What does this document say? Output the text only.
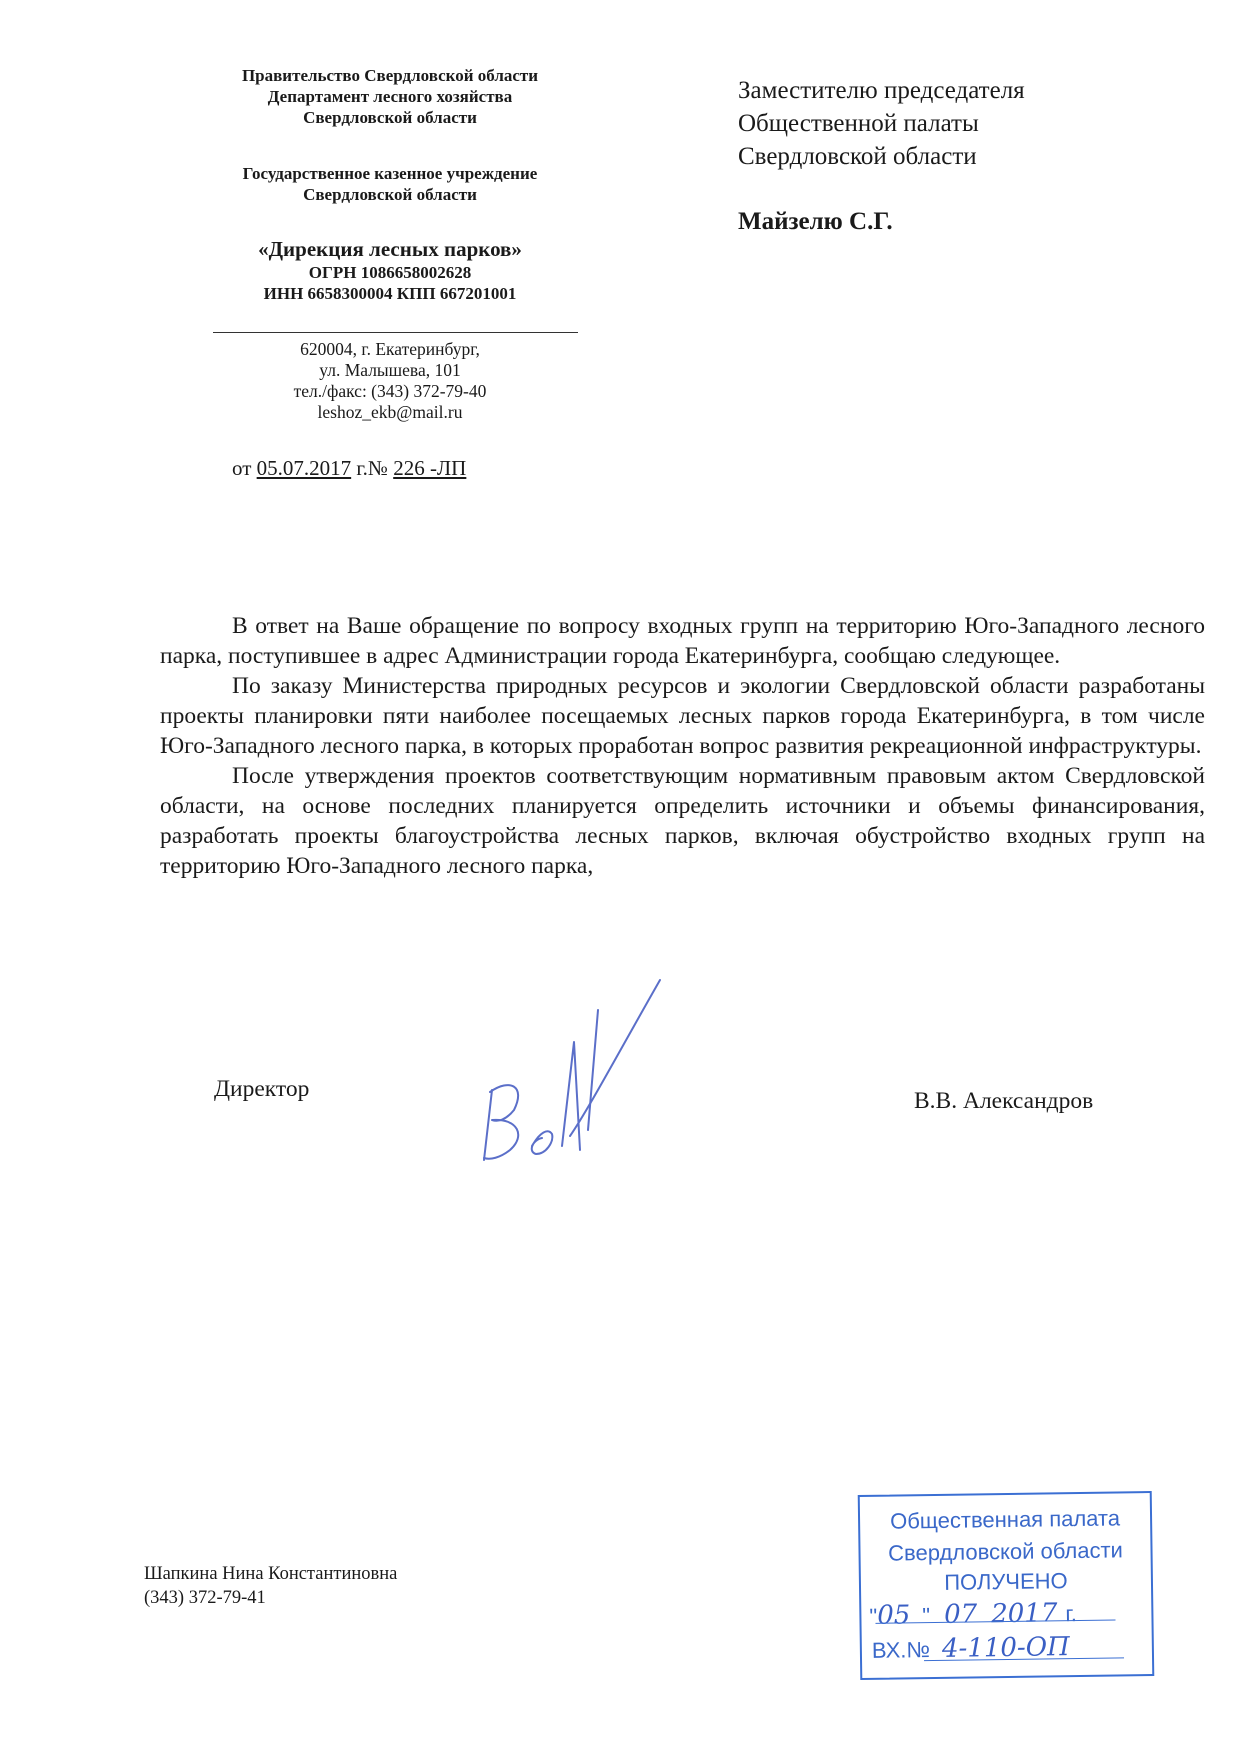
Правительство Свердловской области
Департамент лесного хозяйства
Свердловской области
Государственное казенное учреждение
Свердловской области
«Дирекция лесных парков»
ОГРН 1086658002628
ИНН 6658300004 КПП 667201001
620004, г. Екатеринбург,
ул. Малышева, 101
тел./факс: (343) 372-79-40
leshoz_ekb@mail.ru
от 05.07.2017 г.№ 226 -ЛП
Заместителю председателя
Общественной палаты
Свердловской области
Майзелю С.Г.

В ответ на Ваше обращение по вопросу входных групп на территорию Юго-Западного лесного парка, поступившее в адрес Администрации города Екатеринбурга, сообщаю следующее.

По заказу Министерства природных ресурсов и экологии Свердловской области разработаны проекты планировки пяти наиболее посещаемых лесных парков города Екатеринбурга, в том числе Юго-Западного лесного парка, в которых проработан вопрос развития рекреационной инфраструктуры.

После утверждения проектов соответствующим нормативным правовым актом Свердловской области, на основе последних планируется определить источники и объемы финансирования, разработать проекты благоустройства лесных парков, включая обустройство входных групп на территорию Юго-Западного лесного парка,

Директор	В.В. Александров
Шапкина Нина Константиновна
(343) 372-79-41
Общественная палата
Свердловской области
ПОЛУЧЕНО
"05 " 07 2017 г.
ВХ.№ 4-110-ОП
